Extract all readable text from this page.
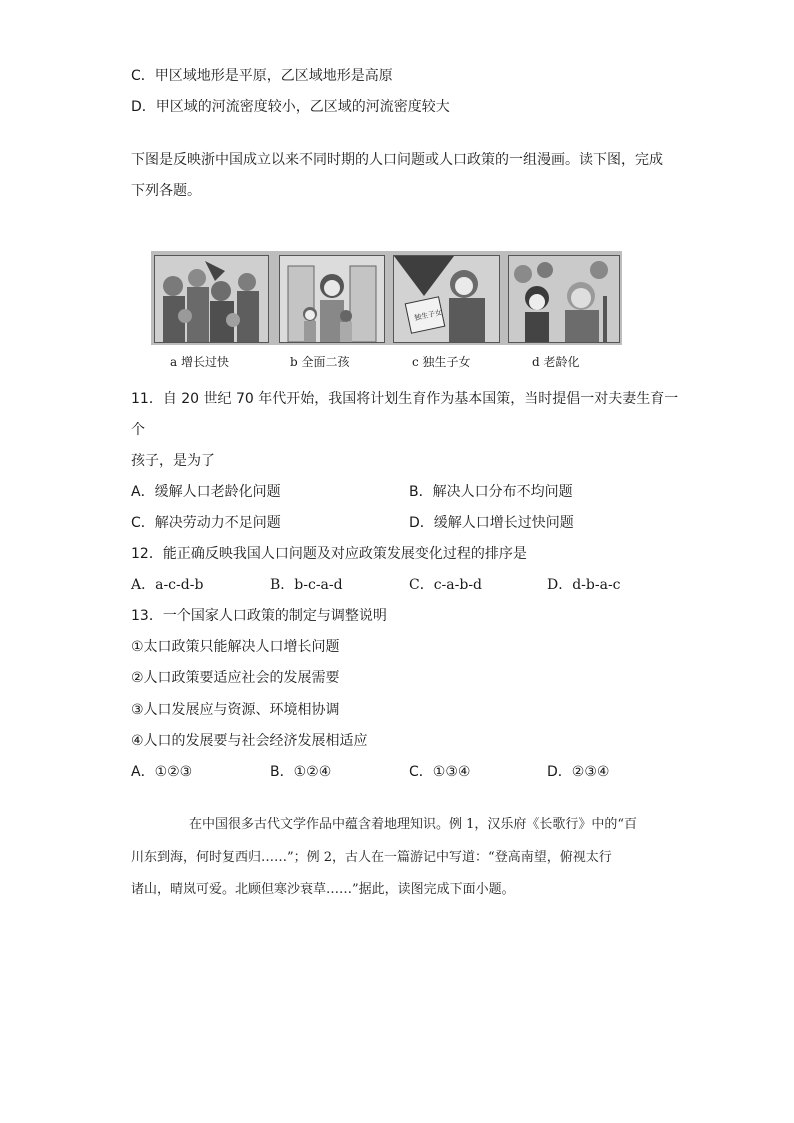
C．甲区域地形是平原，乙区域地形是高原
D．甲区域的河流密度较小，乙区域的河流密度较大
下图是反映浙中国成立以来不同时期的人口问题或人口政策的一组漫画。读下图，完成
下列各题。
独生子女
a 增长过快	b 全面二孩	c 独生子女	d 老龄化
11．自 20 世纪 70 年代开始，我国将计划生育作为基本国策，当时提倡一对夫妻生育一
个
孩子，是为了
A．缓解人口老龄化问题	B．解决人口分布不均问题
C．解决劳动力不足问题	D．缓解人口增长过快问题
12．能正确反映我国人口问题及对应政策发展变化过程的排序是
A．a-c-d-b	B．b-c-a-d	C．c-a-b-d	D．d-b-a-c
13．一个国家人口政策的制定与调整说明
①太口政策只能解决人口增长问题
②人口政策要适应社会的发展需要
③人口发展应与资源、环境相协调
④人口的发展要与社会经济发展相适应
A．①②③	B．①②④	C．①③④	D．②③④
在中国很多古代文学作品中蕴含着地理知识。例 1，汉乐府《长歌行》中的“百
川东到海，何时复西归……”；例 2，古人在一篇游记中写道：“登高南望，俯视太行
诸山，晴岚可爱。北顾但寒沙衰草……”据此，读图完成下面小题。
